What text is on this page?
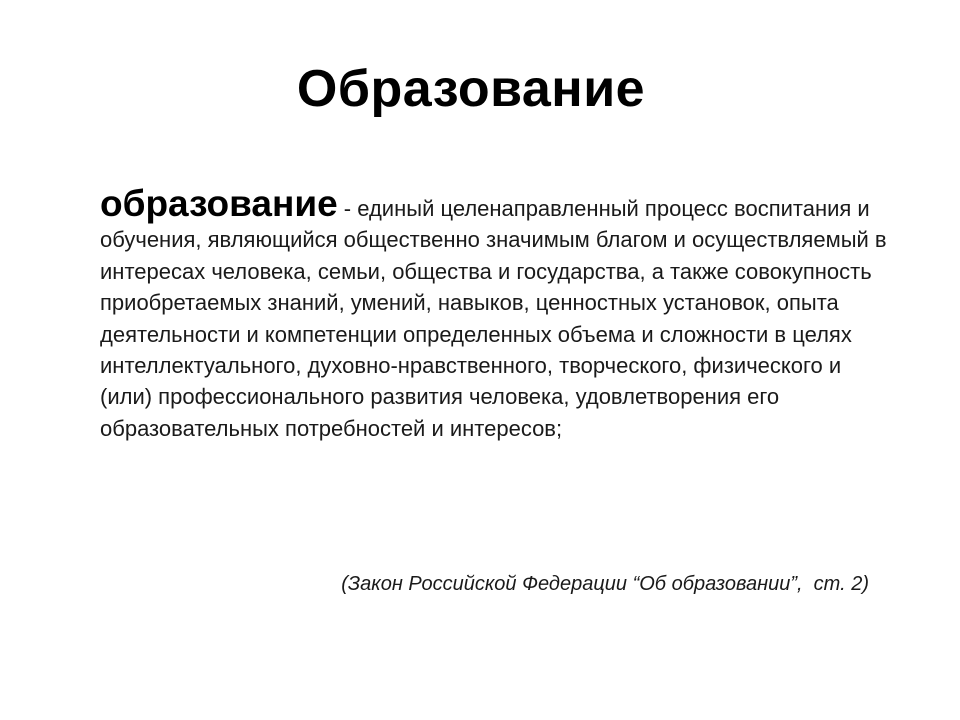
Образование
образование - единый целенаправленный процесс воспитания и обучения, являющийся общественно значимым благом и осуществляемый в интересах человека, семьи, общества и государства, а также совокупность приобретаемых знаний, умений, навыков, ценностных установок, опыта деятельности и компетенции определенных объема и сложности в целях интеллектуального, духовно-нравственного, творческого, физического и (или) профессионального развития человека, удовлетворения его образовательных потребностей и интересов;
(Закон Российской Федерации “Об образовании”,  ст. 2)
